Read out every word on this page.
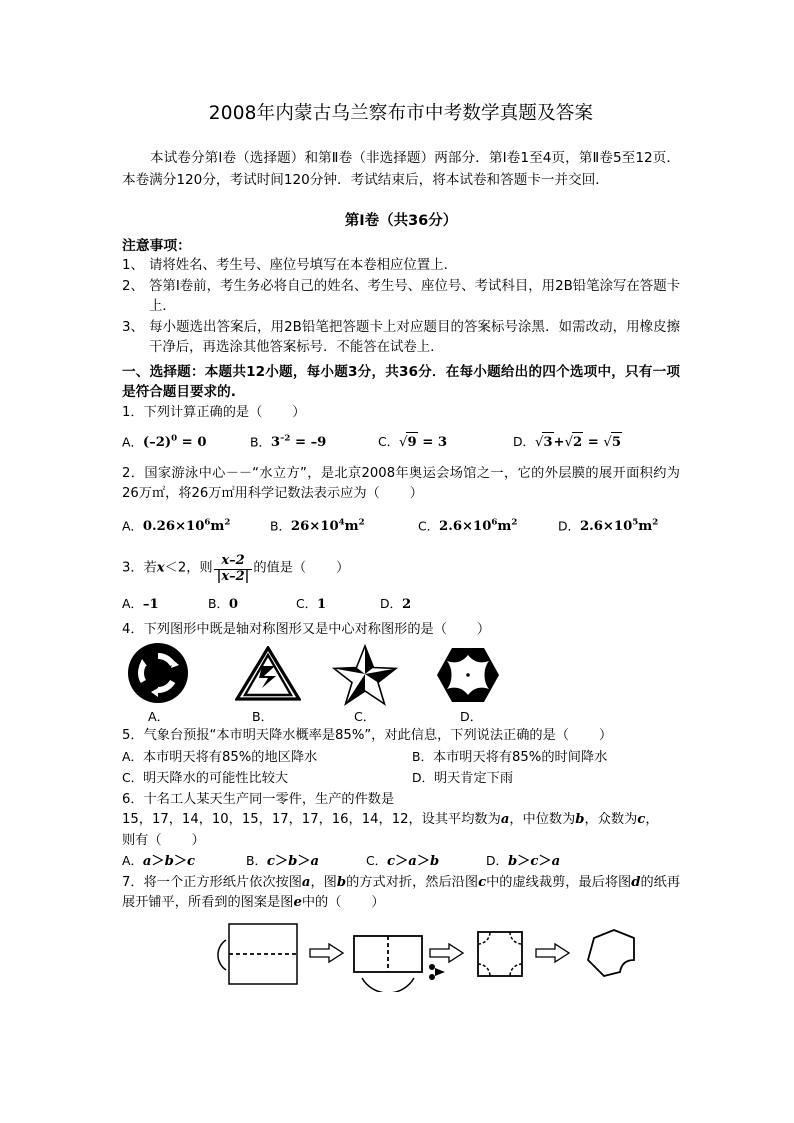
2008年内蒙古乌兰察布市中考数学真题及答案

本试卷分第Ⅰ卷（选择题）和第Ⅱ卷（非选择题）两部分．第Ⅰ卷1至4页，第Ⅱ卷5至12页．本卷满分120分，考试时间120分钟．考试结束后，将本试卷和答题卡一并交回．

第Ⅰ卷（共36分）

注意事项：

1、 请将姓名、考生号、座位号填写在本卷相应位置上．
2、 答第Ⅰ卷前，考生务必将自己的姓名、考生号、座位号、考试科目，用2B铅笔涂写在答题卡上．
3、 每小题选出答案后，用2B铅笔把答题卡上对应题目的答案标号涂黑．如需改动，用橡皮擦干净后，再选涂其他答案标号．不能答在试卷上．

一、选择题：本题共12小题，每小题3分，共36分．在每小题给出的四个选项中，只有一项是符合题目要求的.

1．下列计算正确的是（ ）

A．$(-2)^0 = 0$	B．$3^{-2} = -9$	C．√9 = 3	D．√3+√2 = √5

2．国家游泳中心－－“水立方”，是北京2008年奥运会场馆之一，它的外层膜的展开面积约为26万㎡，将26万㎡用科学记数法表示应为（ ）

A．$0.26\times 10^6m^2$	B．$26\times 10^4m^2$	C．$2.6\times 10^6m^2$	D．$2.6\times 10^5m^2$

3．若x＜2，则 $\frac{x-2}{|x-2|}$ 的值是（ ）

A．–1	B．0	C．1	D．2

4．下列图形中既是轴对称图形又是中心对称图形的是（ ）

A．	B．	C．	D．

5．气象台预报“本市明天降水概率是85%”，对此信息，下列说法正确的是（ ）

A．本市明天将有85%的地区降水	B．本市明天将有85%的时间降水

C．明天降水的可能性比较大	D．明天肯定下雨

6．十名工人某天生产同一零件，生产的件数是

15，17，14，10，15，17，17，16，14，12，设其平均数为a，中位数为b，众数为c，
则有（ ）

A．a＞b＞c	B．c＞b＞a	C．c＞a＞b	D．b＞c＞a

7．将一个正方形纸片依次按图a，图b的方式对折，然后沿图c中的虚线裁剪，最后将图d的纸再展开铺平，所看到的图案是图e中的（ ）
